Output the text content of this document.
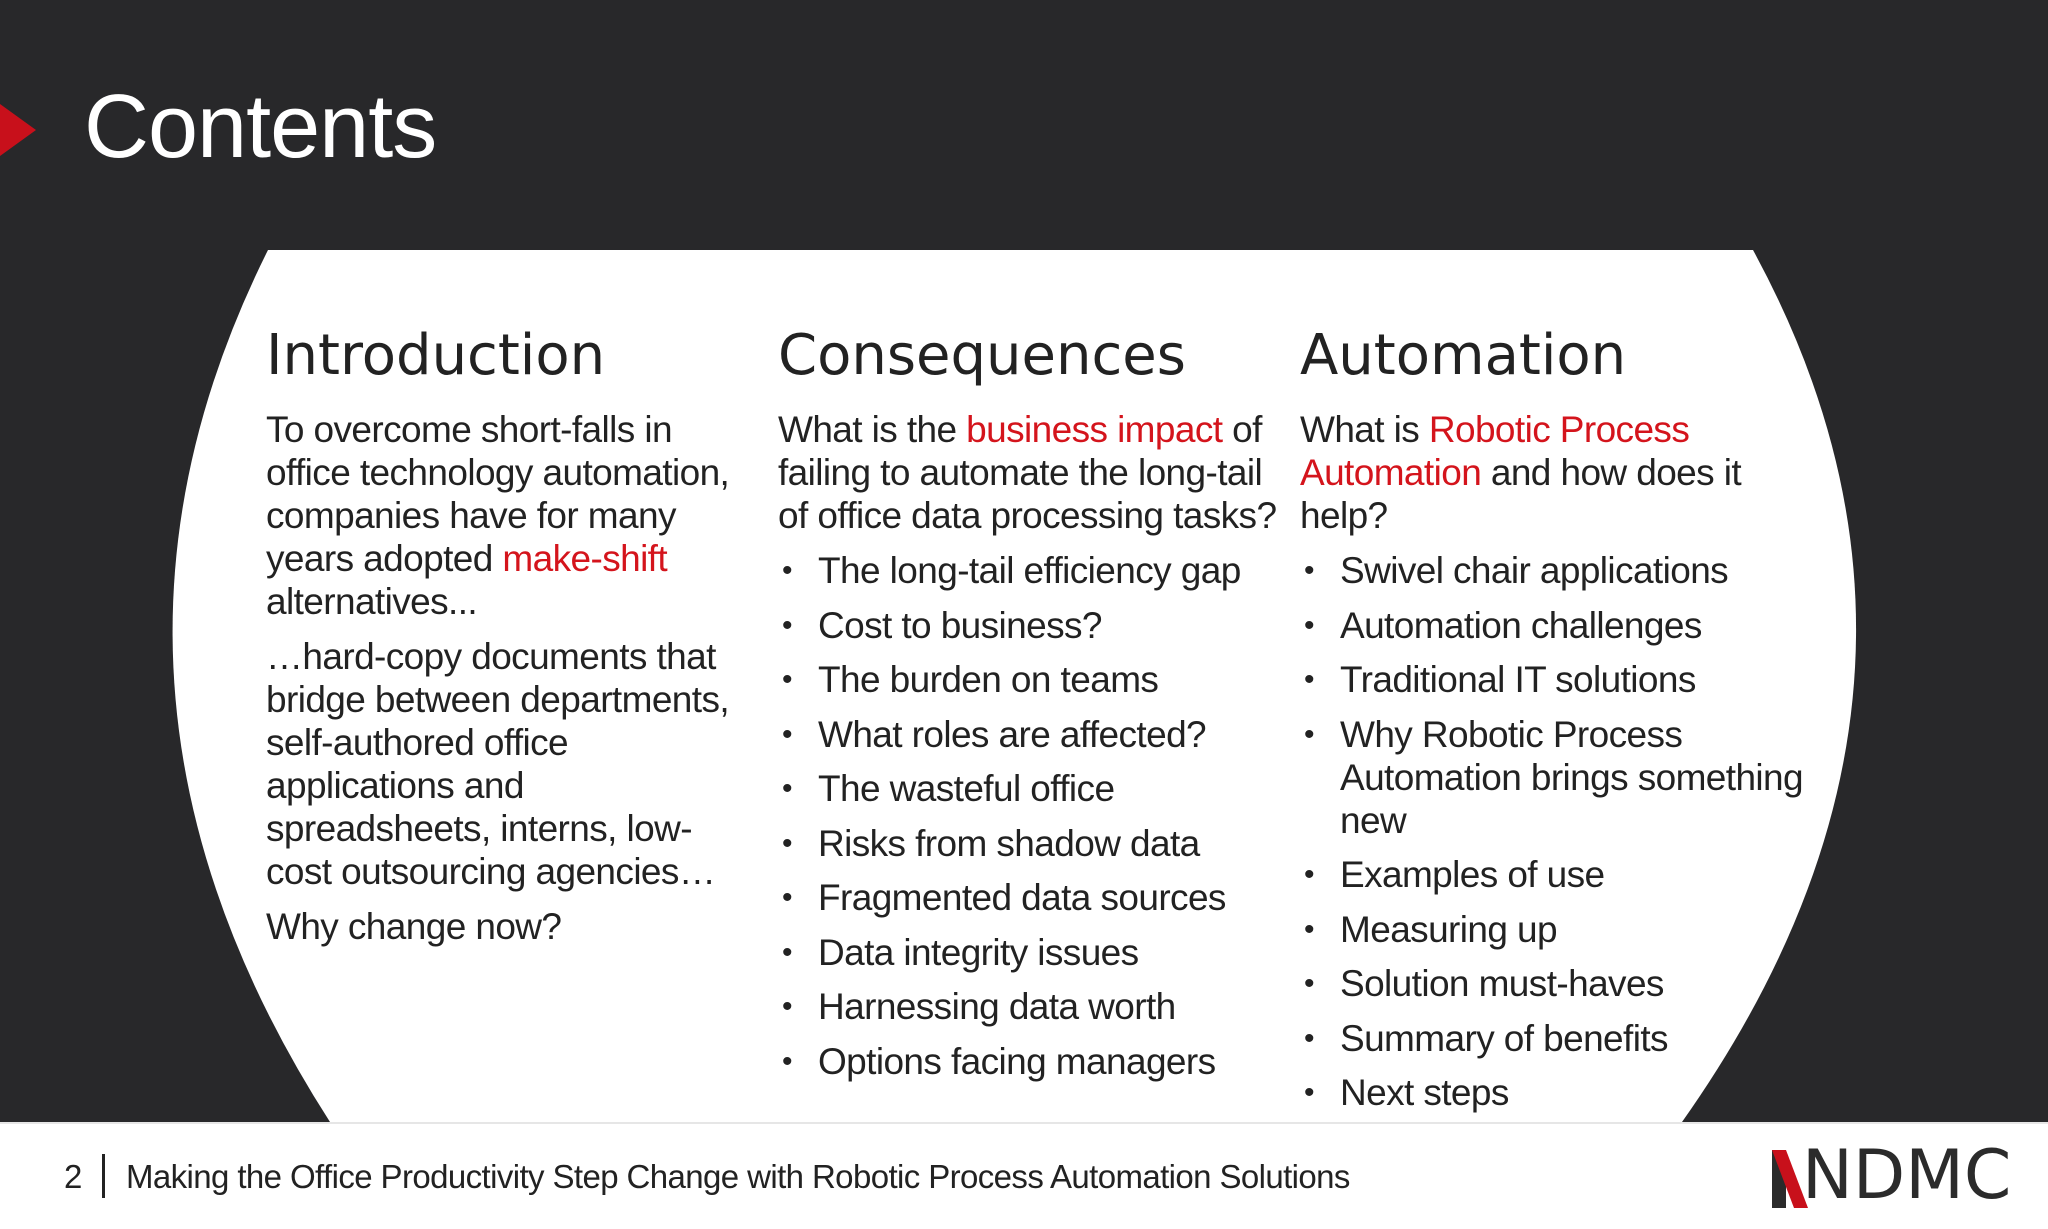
Contents
Introduction

To overcome short-falls in office technology automation, companies have for many years adopted make-shift alternatives...

…hard-copy documents that bridge between departments, self-authored office applications and spreadsheets, interns, low-cost outsourcing agencies…

Why change now?

Consequences

What is the business impact of failing to automate the long-tail of office data processing tasks?

• The long-tail efficiency gap
• Cost to business?
• The burden on teams
• What roles are affected?
• The wasteful office
• Risks from shadow data
• Fragmented data sources
• Data integrity issues
• Harnessing data worth
• Options facing managers
Automation

What is Robotic Process Automation and how does it help?

• Swivel chair applications
• Automation challenges
• Traditional IT solutions
• Why Robotic Process Automation brings something new
• Examples of use
• Measuring up
• Solution must-haves
• Summary of benefits
• Next steps
2 Making the Office Productivity Step Change with Robotic Process Automation Solutions	NDMC
